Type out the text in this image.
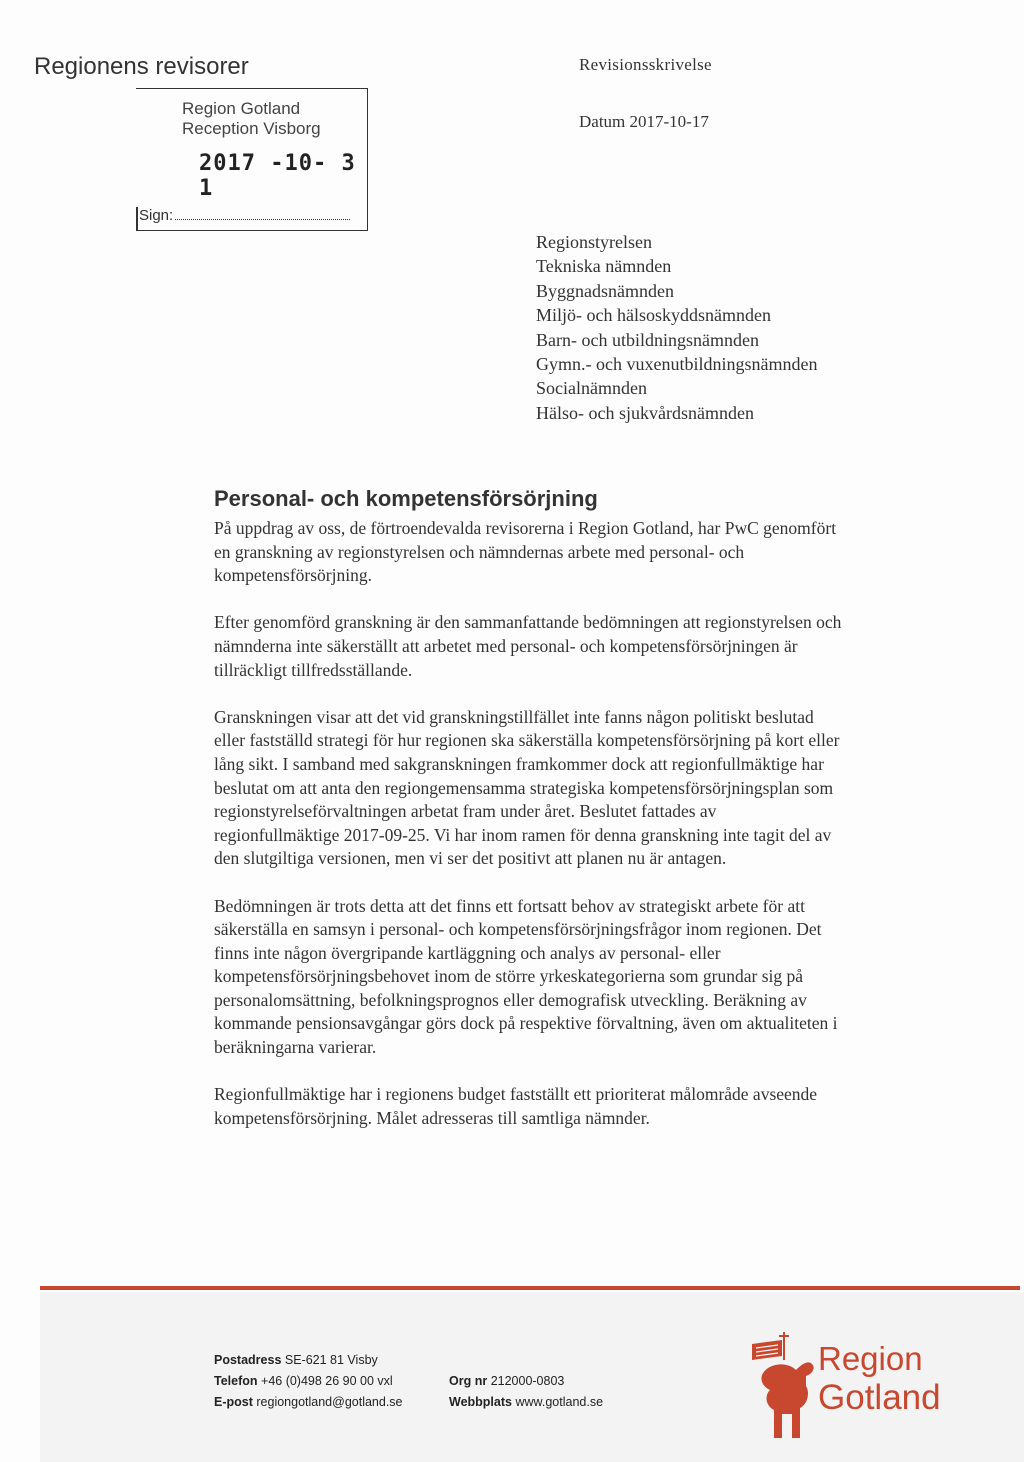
Regionens revisorer	Revisionsskrivelse
Datum 2017-10-17
Region Gotland
Reception Visborg
2017 -10- 3 1
Sign:
Regionstyrelsen
Tekniska nämnden
Byggnadsnämnden
Miljö- och hälsoskyddsnämnden
Barn- och utbildningsnämnden
Gymn.- och vuxenutbildningsnämnden
Socialnämnden
Hälso- och sjukvårdsnämnden
Personal- och kompetensförsörjning

På uppdrag av oss, de förtroendevalda revisorerna i Region Gotland, har PwC genomfört en granskning av regionstyrelsen och nämndernas arbete med personal- och kompetensförsörjning.

Efter genomförd granskning är den sammanfattande bedömningen att regionstyrelsen och nämnderna inte säkerställt att arbetet med personal- och kompetensförsörjningen är tillräckligt tillfredsställande.

Granskningen visar att det vid granskningstillfället inte fanns någon politiskt beslutad eller fastställd strategi för hur regionen ska säkerställa kompetensförsörjning på kort eller lång sikt. I samband med sakgranskningen framkommer dock att regionfullmäktige har beslutat om att anta den regiongemensamma strategiska kompetensförsörjningsplan som regionstyrelseförvaltningen arbetat fram under året. Beslutet fattades av regionfullmäktige 2017-09-25. Vi har inom ramen för denna granskning inte tagit del av den slutgiltiga versionen, men vi ser det positivt att planen nu är antagen.

Bedömningen är trots detta att det finns ett fortsatt behov av strategiskt arbete för att säkerställa en samsyn i personal- och kompetensförsörjningsfrågor inom regionen. Det finns inte någon övergripande kartläggning och analys av personal- eller kompetensförsörjningsbehovet inom de större yrkeskategorierna som grundar sig på personalomsättning, befolkningsprognos eller demografisk utveckling. Beräkning av kommande pensionsavgångar görs dock på respektive förvaltning, även om aktualiteten i beräkningarna varierar.

Regionfullmäktige har i regionens budget fastställt ett prioriterat målområde avseende kompetensförsörjning. Målet adresseras till samtliga nämnder.

Postadress SE-621 81 Visby
Telefon +46 (0)498 26 90 00 vxl
E-post regiongotland@gotland.se
Org nr 212000-0803
Webbplats www.gotland.se
Region
Gotland
